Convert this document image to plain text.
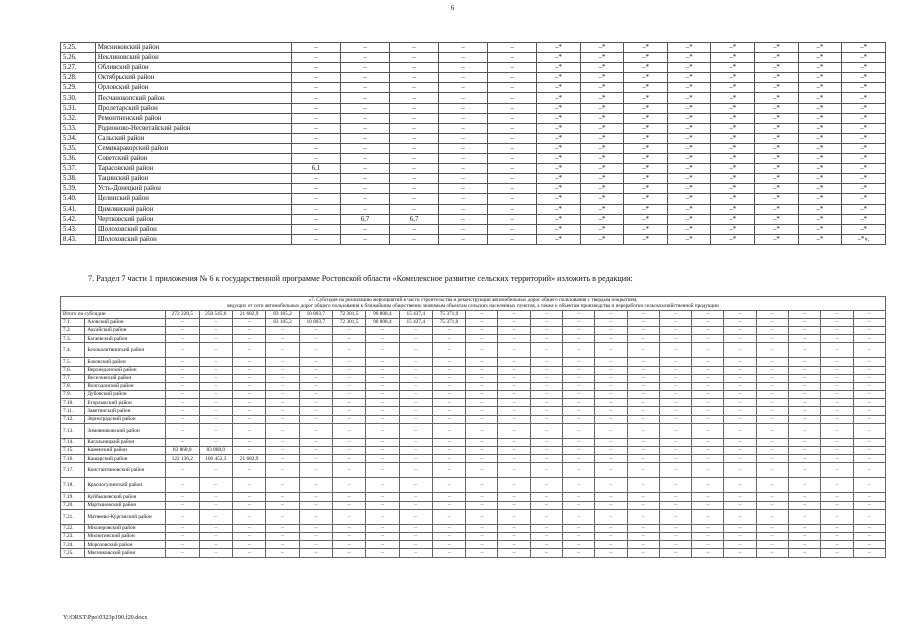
6
5.25.	Мясниковский район	–	–	–	–	–	–*	–*	–*	–*	–*	–*	–*	–*
5.26.	Неклиновский район	–	–	–	–	–	–*	–*	–*	–*	–*	–*	–*	–*
5.27.	Обливский район	–	–	–	–	–	–*	–*	–*	–*	–*	–*	–*	–*
5.28.	Октябрьский район	–	–	–	–	–	–*	–*	–*	–*	–*	–*	–*	–*
5.29.	Орловский район	–	–	–	–	–	–*	–*	–*	–*	–*	–*	–*	–*
5.30.	Песчанокопский район	–	–	–	–	–	–*	–*	–*	–*	–*	–*	–*	–*
5.31.	Пролетарский район	–	–	–	–	–	–*	–*	–*	–*	–*	–*	–*	–*
5.32.	Ремонтненский район	–	–	–	–	–	–*	–*	–*	–*	–*	–*	–*	–*
5.33.	Родионово-Несветайский район	–	–	–	–	–	–*	–*	–*	–*	–*	–*	–*	–*
5.34.	Сальский район	–	–	–	–	–	–*	–*	–*	–*	–*	–*	–*	–*
5.35.	Семикаракорский район	–	–	–	–	–	–*	–*	–*	–*	–*	–*	–*	–*
5.36.	Советский район	–	–	–	–	–	–*	–*	–*	–*	–*	–*	–*	–*
5.37.	Тарасовский район	6,1	–	–	–	–	–*	–*	–*	–*	–*	–*	–*	–*
5.38.	Тацинский район	–	–	–	–	–	–*	–*	–*	–*	–*	–*	–*	–*
5.39.	Усть-Донецкий район	–	–	–	–	–	–*	–*	–*	–*	–*	–*	–*	–*
5.40.	Целинский район	–	–	–	–	–	–*	–*	–*	–*	–*	–*	–*	–*
5.41.	Цимлянский район	–	–	–	–	–	–*	–*	–*	–*	–*	–*	–*	–*
5.42.	Чертковский район	–	6,7	6,7	–	–	–*	–*	–*	–*	–*	–*	–*	–*
5.43.	Шолоховский район	–	–	–	–	–	–*	–*	–*	–*	–*	–*	–*	–*
8.43.	Шолоховский район	–	–	–	–	–	–*	–*	–*	–*	–*	–*	–*	–*».
7. Раздел 7 части 1 приложения № 6 к государственной программе Ростовской области «Комплексное развитие сельских территорий» изложить в редакции:
«7. Субсидия на реализацию мероприятий в части строительства и реконструкции автомобильных дорог общего пользования с твердым покрытием,
ведущих от сети автомобильных дорог общего пользования к ближайшим общественно значимым объектам сельских населенных пунктов, а также к объектам производства и переработки сельскохозяйственной продукции																							
Итого по субсидии		272 228,5	250 545,6	21 682,9	83 105,2	10 803,7	72 301,5	90 808,4	15 437,4	75 371,0	–	–	–	–	–	–	–	–	–	–	–	–	–
7.1.	Азовский район	–	–	–	83 105,2	10 803,7	72 301,5	90 808,4	15 437,4	75 371,0	–	–	–	–	–	–	–	–	–	–	–	–	–
7.2.	Аксайский район	–	–	–	–	–	–	–	–	–	–	–	–	–	–	–	–	–	–	–	–	–	–
7.3.	Багаевский район	–	–	–	–	–	–	–	–	–	–	–	–	–	–	–	–	–	–	–	–	–	–
7.4.	Белокалитвинский район	–	–	–	–	–	–	–	–	–	–	–	–	–	–	–	–	–	–	–	–	–	–
7.5.	Боковский район	–	–	–	–	–	–	–	–	–	–	–	–	–	–	–	–	–	–	–	–	–	–
7.6.	Верхнедонской район	–	–	–	–	–	–	–	–	–	–	–	–	–	–	–	–	–	–	–	–	–	–
7.7.	Веселовский район	–	–	–	–	–	–	–	–	–	–	–	–	–	–	–	–	–	–	–	–	–	–
7.8.	Волгодонской район	–	–	–	–	–	–	–	–	–	–	–	–	–	–	–	–	–	–	–	–	–	–
7.9.	Дубовский район	–	–	–	–	–	–	–	–	–	–	–	–	–	–	–	–	–	–	–	–	–	–
7.10.	Егорлыкский район	–	–	–	–	–	–	–	–	–	–	–	–	–	–	–	–	–	–	–	–	–	–
7.11.	Заветинский район	–	–	–	–	–	–	–	–	–	–	–	–	–	–	–	–	–	–	–	–	–	–
7.12.	Зерноградский район	–	–	–	–	–	–	–	–	–	–	–	–	–	–	–	–	–	–	–	–	–	–
7.13.	Зимовниковский район	–	–	–	–	–	–	–	–	–	–	–	–	–	–	–	–	–	–	–	–	–	–
7.14.	Кагальницкий район	–	–	–	–	–	–	–	–	–	–	–	–	–	–	–	–	–	–	–	–	–	–
7.15.	Каменский район	83 868,0	83 868,0	–	–	–	–	–	–	–	–	–	–	–	–	–	–	–	–	–	–	–	–
7.16.	Кашарский район	122 136,2	100 453,3	21 682,9	–	–	–	–	–	–	–	–	–	–	–	–	–	–	–	–	–	–	–
7.17.	Константиновский район	–	–	–	–	–	–	–	–	–	–	–	–	–	–	–	–	–	–	–	–	–	–
7.18.	Красносулинский район	–	–	–	–	–	–	–	–	–	–	–	–	–	–	–	–	–	–	–	–	–	–
7.19.	Куйбышевский район	–	–	–	–	–	–	–	–	–	–	–	–	–	–	–	–	–	–	–	–	–	–
7.20.	Мартыновский район	–	–	–	–	–	–	–	–	–	–	–	–	–	–	–	–	–	–	–	–	–	–
7.21.	Матвеево-Курганский район	–	–	–	–	–	–	–	–	–	–	–	–	–	–	–	–	–	–	–	–	–	–
7.22.	Миллеровский район	–	–	–	–	–	–	–	–	–	–	–	–	–	–	–	–	–	–	–	–	–	–
7.23.	Милютинский район	–	–	–	–	–	–	–	–	–	–	–	–	–	–	–	–	–	–	–	–	–	–
7.24.	Морозовский район	–	–	–	–	–	–	–	–	–	–	–	–	–	–	–	–	–	–	–	–	–	–
7.25.	Мясниковский район	–	–	–	–	–	–	–	–	–	–	–	–	–	–	–	–	–	–	–	–	–	–
Y:\ORST\Ppo\0323p190.f20.docx
